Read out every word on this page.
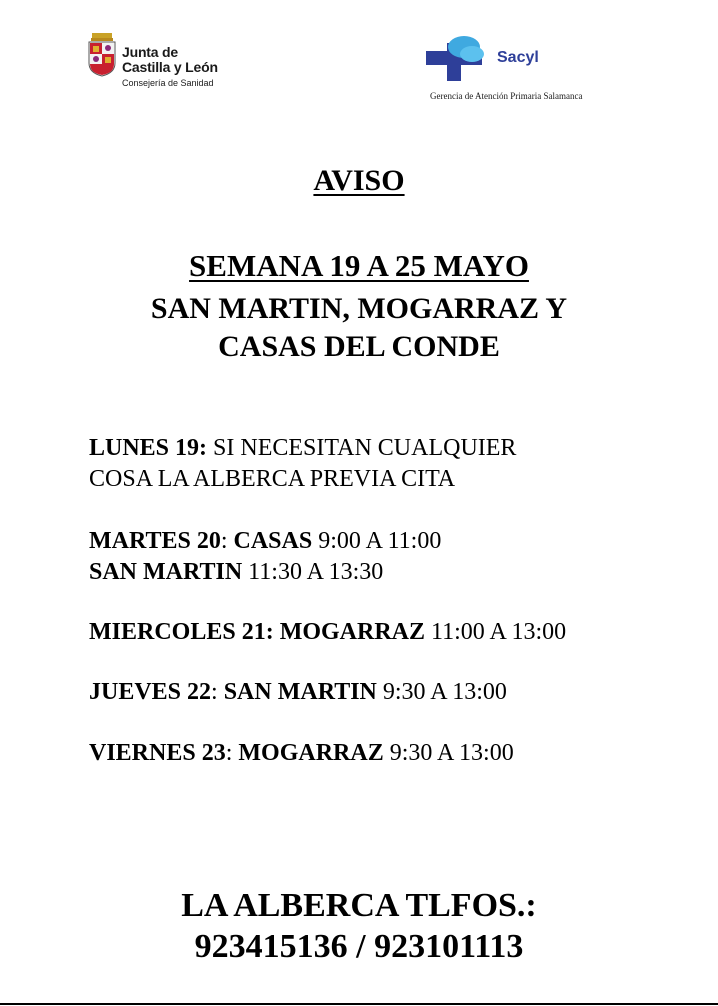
Junta de
Castilla y León
Consejería de Sanidad
Sacyl
Gerencia de Atención Primaria Salamanca
AVISO
SEMANA 19 A 25 MAYO
SAN MARTIN, MOGARRAZ Y
CASAS DEL CONDE
LUNES 19: SI NECESITAN CUALQUIER
COSA LA ALBERCA PREVIA CITA
MARTES 20: CASAS 9:00 A 11:00
SAN MARTIN 11:30 A 13:30
MIERCOLES 21: MOGARRAZ 11:00 A 13:00
JUEVES 22: SAN MARTIN 9:30 A 13:00
VIERNES 23: MOGARRAZ 9:30 A 13:00
LA ALBERCA TLFOS.:
923415136 / 923101113
